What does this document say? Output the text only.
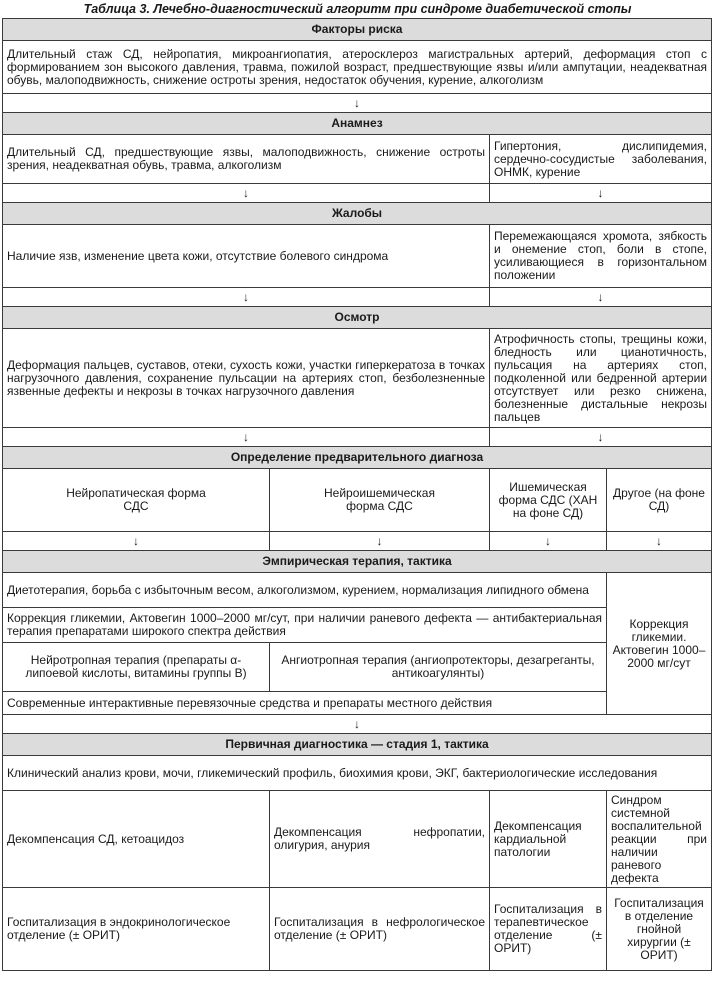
Таблица 3. Лечебно-диагностический алгоритм при синдроме диабетической стопы
Факторы риска			
Длительный стаж СД, нейропатия, микроангиопатия, атеросклероз магистральных артерий, деформация стоп с формированием зон высокого давления, травма, пожилой возраст, предшествующие язвы и/или ампутации, неадекватная обувь, малоподвижность, снижение остроты зрения, недостаток обучения, курение, алкоголизм			
↓			
Анамнез			
Длительный СД, предшествующие язвы, малоподвижность, снижение остроты зрения, неадекватная обувь, травма, алкоголизм		Гипертония, дислипидемия, сердечно-сосудистые заболевания, ОНМК, курение	
↓		↓	
Жалобы			
Наличие язв, изменение цвета кожи, отсутствие болевого синдрома		Перемежающаяся хромота, зябкость и онемение стоп, боли в стопе, усиливающиеся в горизонтальном положении	
↓		↓	
Осмотр			
Деформация пальцев, суставов, отеки, сухость кожи, участки гиперкератоза в точках нагрузочного давления, сохранение пульсации на артериях стоп, безболезненные язвенные дефекты и некрозы в точках нагрузочного давления		Атрофичность стопы, трещины кожи, бледность или цианотичность, пульсация на артериях стоп, подколенной или бедренной артерии отсутствует или резко снижена, болезненные дистальные некрозы пальцев	
↓		↓	
Определение предварительного диагноза			
Нейропатическая форма СДС	Нейроишемическая форма СДС	Ишемическая форма СДС (ХАН на фоне СД)	Другое (на фоне СД)
↓	↓	↓	↓
Эмпирическая терапия, тактика			
Диетотерапия, борьба с избыточным весом, алкоголизмом, курением, нормализация липидного обмена			Коррекция гликемии. Актовегин 1000–2000 мг/сут
Коррекция гликемии, Актовегин 1000–2000 мг/сут, при наличии раневого дефекта — антибактериальная терапия препаратами широкого спектра действия			
Нейротропная терапия (препараты α-липоевой кислоты, витамины группы B)	Ангиотропная терапия (ангиопротекторы, дезагреганты, антикоагулянты)		
Современные интерактивные перевязочные средства и препараты местного действия			
↓			
Первичная диагностика — стадия 1, тактика			
Клинический анализ крови, мочи, гликемический профиль, биохимия крови, ЭКГ, бактериологические исследования			
Декомпенсация СД, кетоацидоз	Декомпенсация нефропатии, олигурия, анурия	Декомпенсация кардиальной патологии	Синдром системной воспалительной реакции при наличии раневого дефекта
Госпитализация в эндокринологическое отделение (± ОРИТ)	Госпитализация в нефрологическое отделение (± ОРИТ)	Госпитализация в терапевтическое отделение (± ОРИТ)	Госпитализация в отделение гнойной хирургии (± ОРИТ)
